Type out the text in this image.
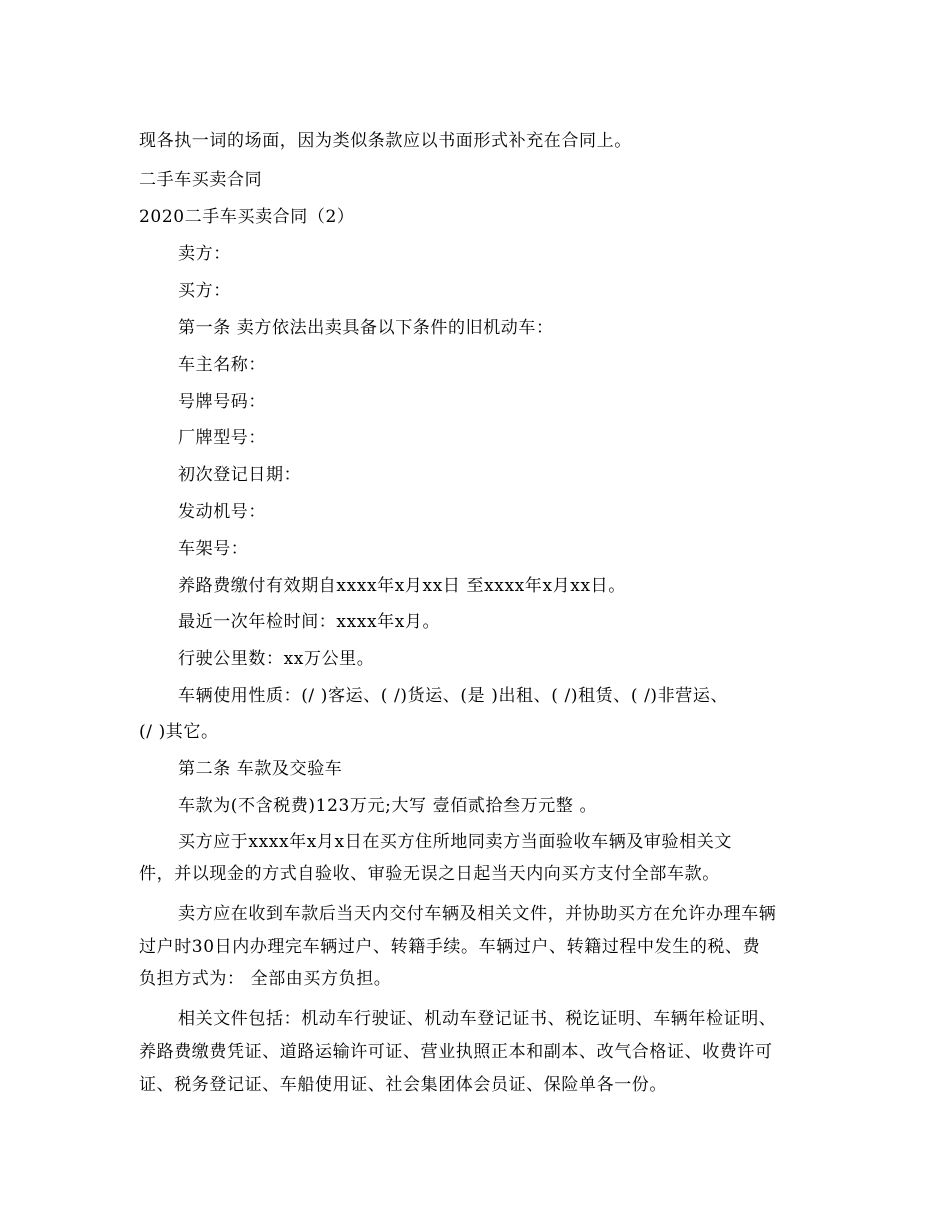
现各执一词的场面，因为类似条款应以书面形式补充在合同上。
二手车买卖合同
2020二手车买卖合同（2）
卖方：
买方：
第一条 卖方依法出卖具备以下条件的旧机动车：
车主名称：
号牌号码：
厂牌型号：
初次登记日期：
发动机号：
车架号：
养路费缴付有效期自xxxx年x月xx日 至xxxx年x月xx日。
最近一次年检时间：xxxx年x月。
行驶公里数：xx万公里。
车辆使用性质：(/ )客运、( /)货运、(是 )出租、( /)租赁、( /)非营运、
(/ )其它。
第二条 车款及交验车
车款为(不含税费)123万元;大写 壹佰贰拾叁万元整 。
买方应于xxxx年x月x日在买方住所地同卖方当面验收车辆及审验相关文
件，并以现金的方式自验收、审验无误之日起当天内向买方支付全部车款。
卖方应在收到车款后当天内交付车辆及相关文件，并协助买方在允许办理车辆
过户时30日内办理完车辆过户、转籍手续。车辆过户、转籍过程中发生的税、费
负担方式为： 全部由买方负担。
相关文件包括：机动车行驶证、机动车登记证书、税讫证明、车辆年检证明、
养路费缴费凭证、道路运输许可证、营业执照正本和副本、改气合格证、收费许可
证、税务登记证、车船使用证、社会集团体会员证、保险单各一份。
